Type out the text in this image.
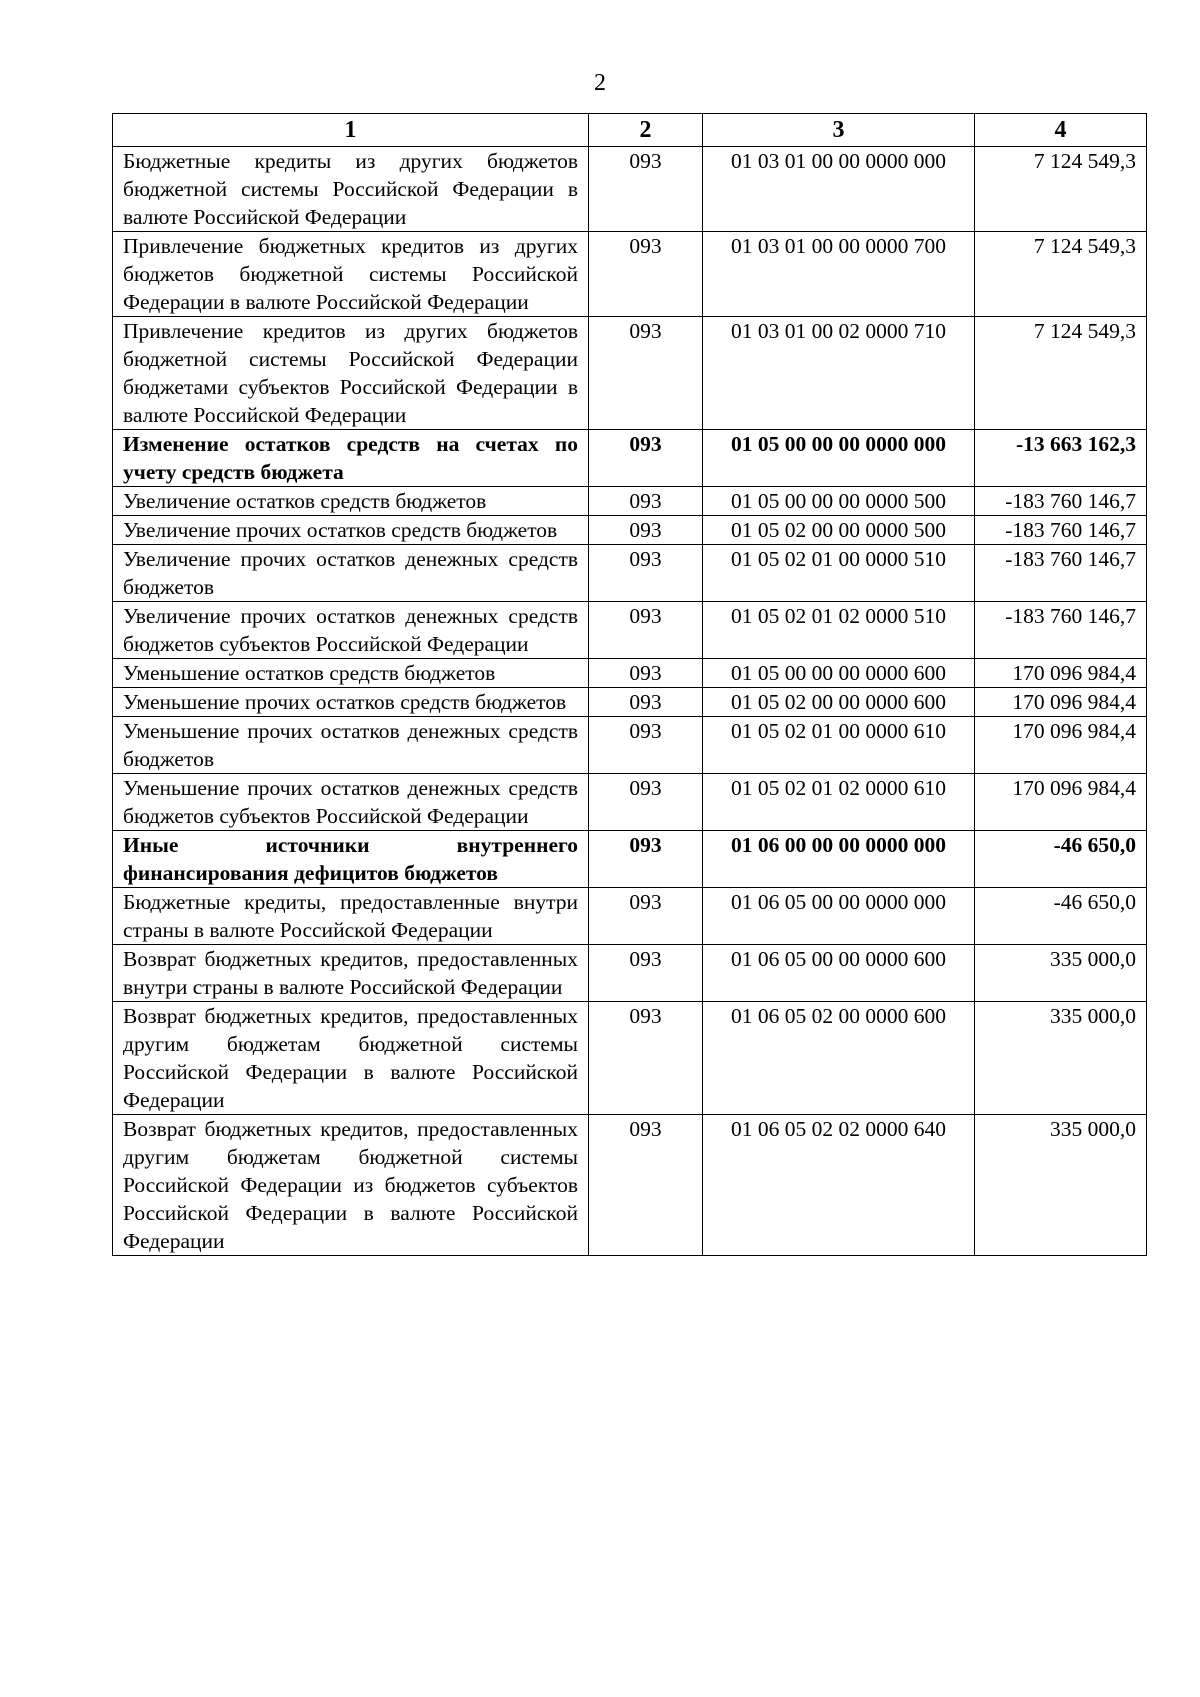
2
1	2	3	4
Бюджетные кредиты из других бюджетов бюджетной системы Российской Федерации в валюте Российской Федерации	093	01 03 01 00 00 0000 000	7 124 549,3
Привлечение бюджетных кредитов из других бюджетов бюджетной системы Российской Федерации в валюте Российской Федерации	093	01 03 01 00 00 0000 700	7 124 549,3
Привлечение кредитов из других бюджетов бюджетной системы Российской Федерации бюджетами субъектов Российской Федерации в валюте Российской Федерации	093	01 03 01 00 02 0000 710	7 124 549,3
Изменение остатков средств на счетах по учету средств бюджета	093	01 05 00 00 00 0000 000	-13 663 162,3
Увеличение остатков средств бюджетов	093	01 05 00 00 00 0000 500	-183 760 146,7
Увеличение прочих остатков средств бюджетов	093	01 05 02 00 00 0000 500	-183 760 146,7
Увеличение прочих остатков денежных средств бюджетов	093	01 05 02 01 00 0000 510	-183 760 146,7
Увеличение прочих остатков денежных средств бюджетов субъектов Российской Федерации	093	01 05 02 01 02 0000 510	-183 760 146,7
Уменьшение остатков средств бюджетов	093	01 05 00 00 00 0000 600	170 096 984,4
Уменьшение прочих остатков средств бюджетов	093	01 05 02 00 00 0000 600	170 096 984,4
Уменьшение прочих остатков денежных средств бюджетов	093	01 05 02 01 00 0000 610	170 096 984,4
Уменьшение прочих остатков денежных средств бюджетов субъектов Российской Федерации	093	01 05 02 01 02 0000 610	170 096 984,4
Иные источники внутреннего финансирования дефицитов бюджетов	093	01 06 00 00 00 0000 000	-46 650,0
Бюджетные кредиты, предоставленные внутри страны в валюте Российской Федерации	093	01 06 05 00 00 0000 000	-46 650,0
Возврат бюджетных кредитов, предоставленных внутри страны в валюте Российской Федерации	093	01 06 05 00 00 0000 600	335 000,0
Возврат бюджетных кредитов, предоставленных другим бюджетам бюджетной системы Российской Федерации в валюте Российской Федерации	093	01 06 05 02 00 0000 600	335 000,0
Возврат бюджетных кредитов, предоставленных другим бюджетам бюджетной системы Российской Федерации из бюджетов субъектов Российской Федерации в валюте Российской Федерации	093	01 06 05 02 02 0000 640	335 000,0
